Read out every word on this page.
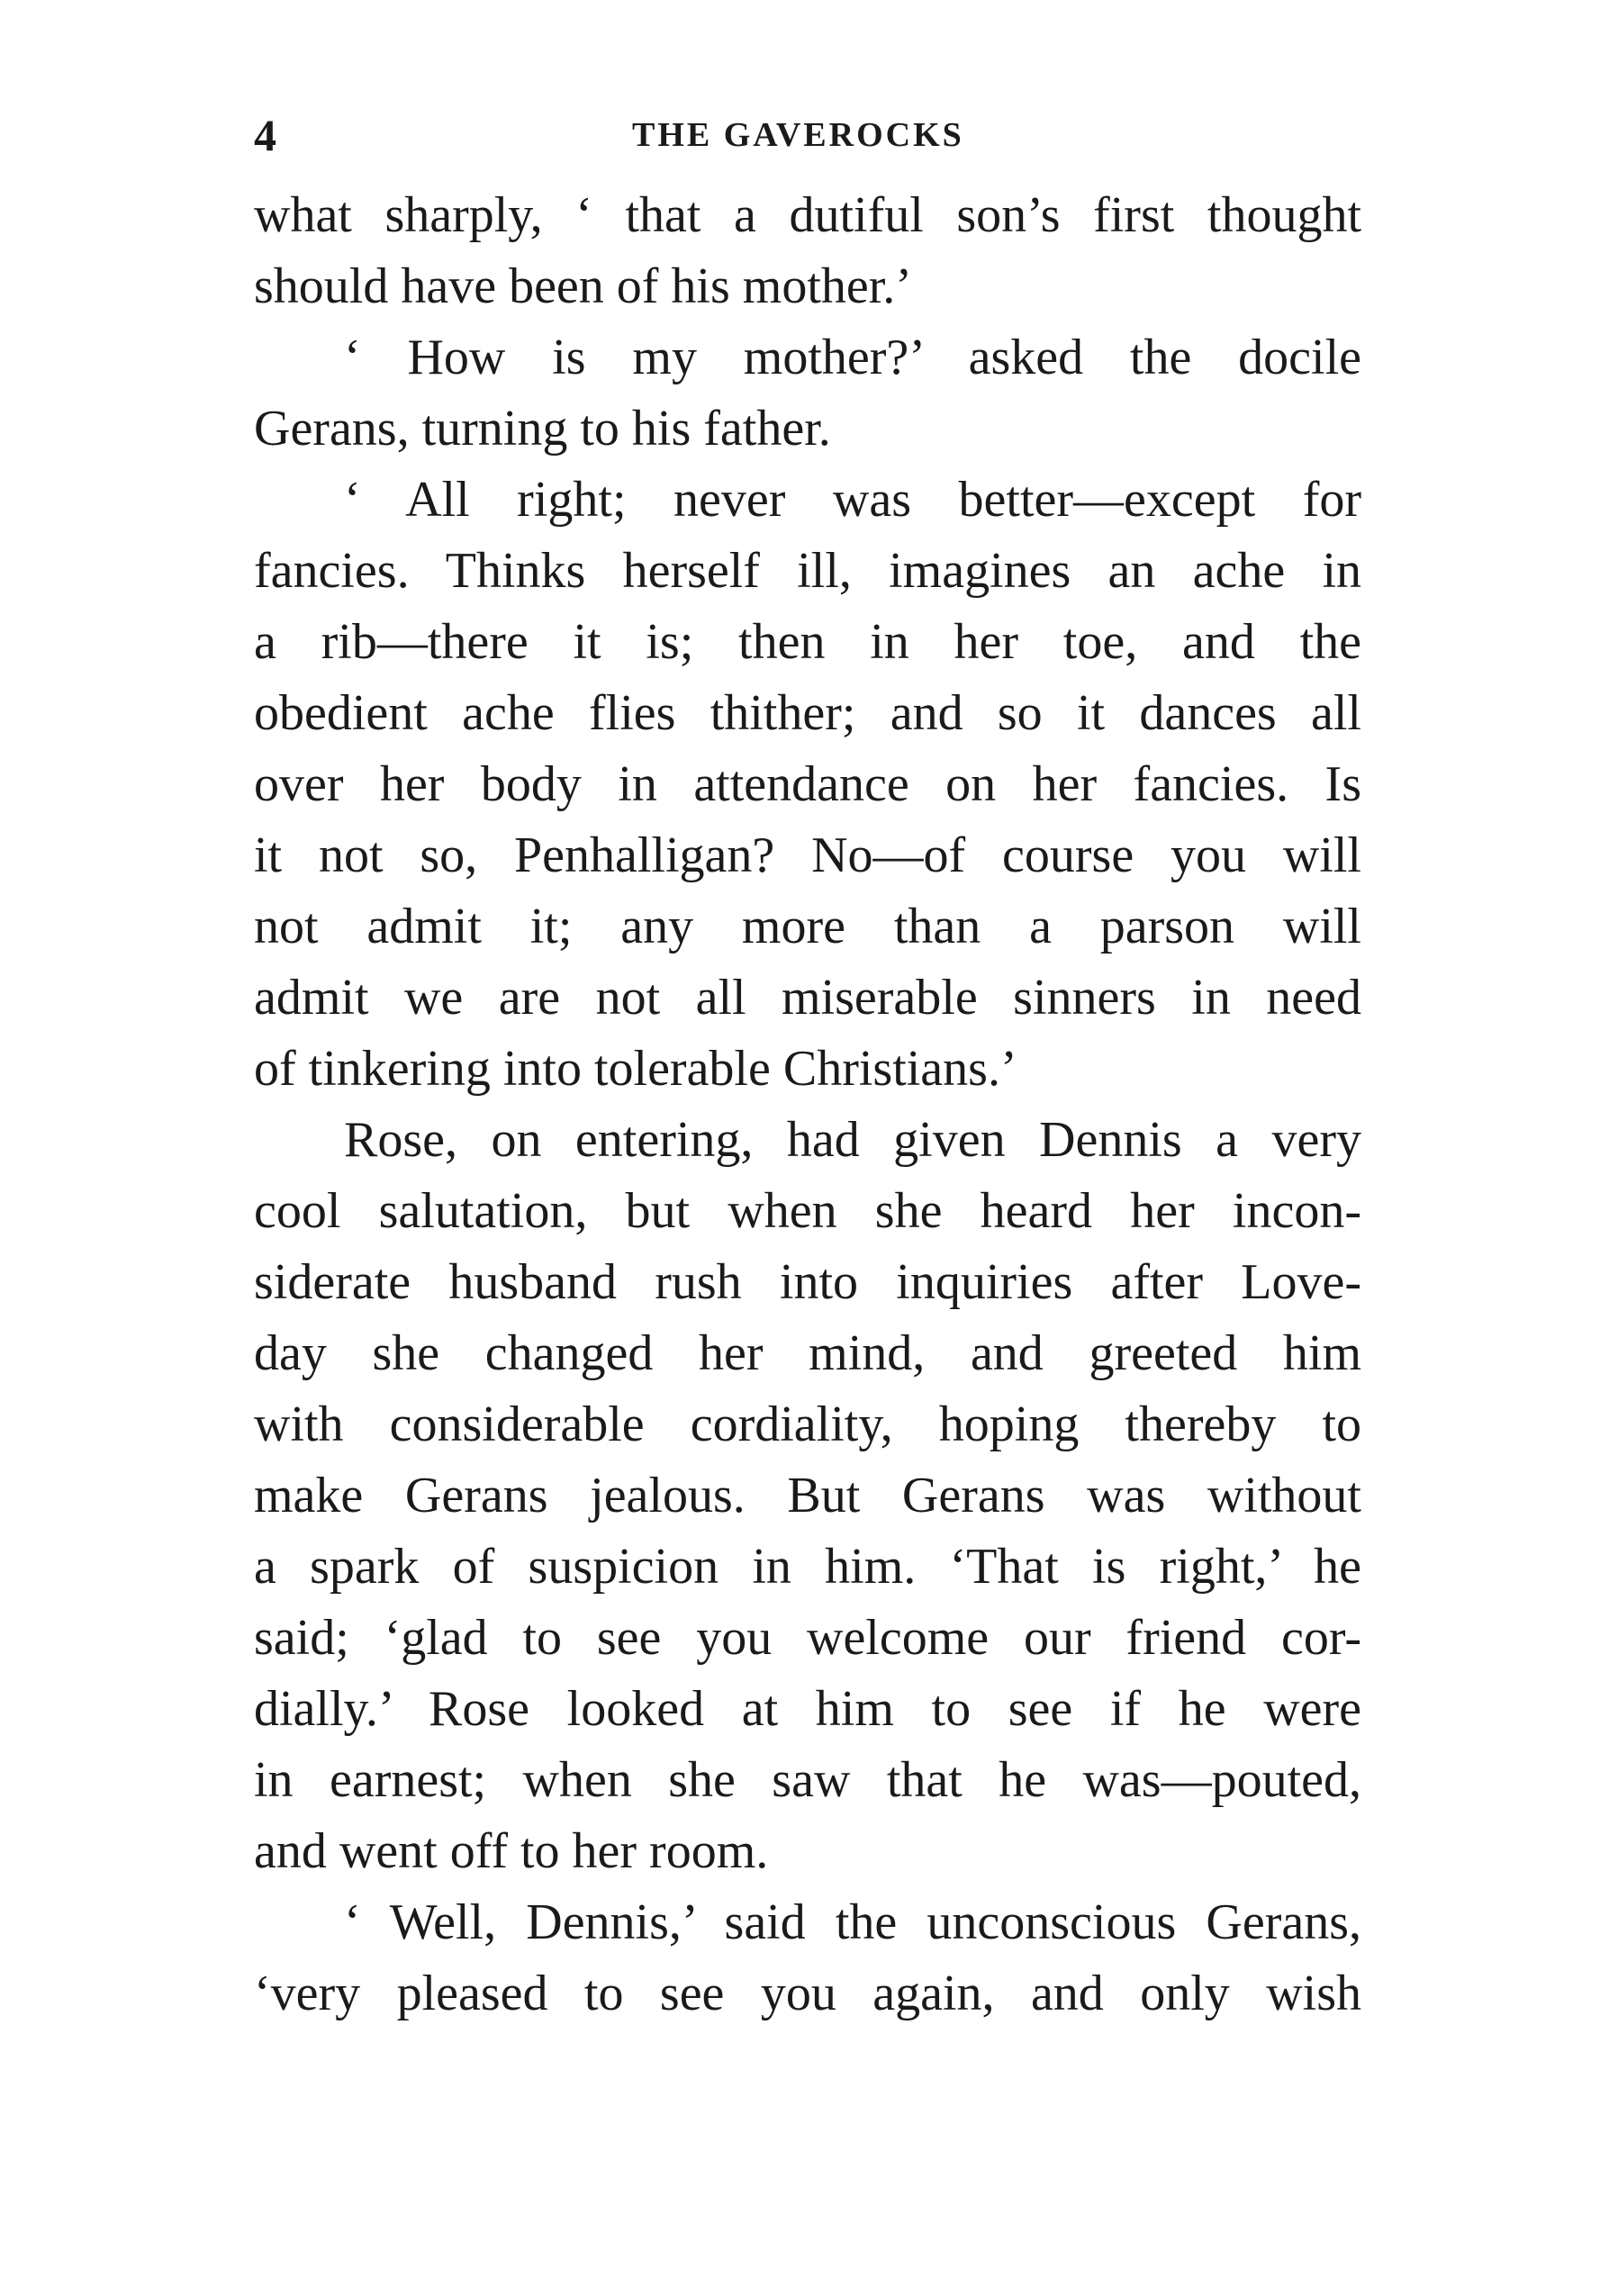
4	THE GAVEROCKS
what sharply, ‘ that a dutiful son’s first thought
should have been of his mother.’
‘ How is my mother?’ asked the docile
Gerans, turning to his father.
‘ All right; never was better—except for
fancies. Thinks herself ill, imagines an ache in
a rib—there it is; then in her toe, and the
obedient ache flies thither; and so it dances all
over her body in attendance on her fancies. Is
it not so, Penhalligan? No—of course you will
not admit it; any more than a parson will
admit we are not all miserable sinners in need
of tinkering into tolerable Christians.’
Rose, on entering, had given Dennis a very
cool salutation, but when she heard her incon-
siderate husband rush into inquiries after Love-
day she changed her mind, and greeted him
with considerable cordiality, hoping thereby to
make Gerans jealous. But Gerans was without
a spark of suspicion in him. ‘That is right,’ he
said; ‘glad to see you welcome our friend cor-
dially.’ Rose looked at him to see if he were
in earnest; when she saw that he was—pouted,
and went off to her room.
‘ Well, Dennis,’ said the unconscious Gerans,
‘very pleased to see you again, and only wish
